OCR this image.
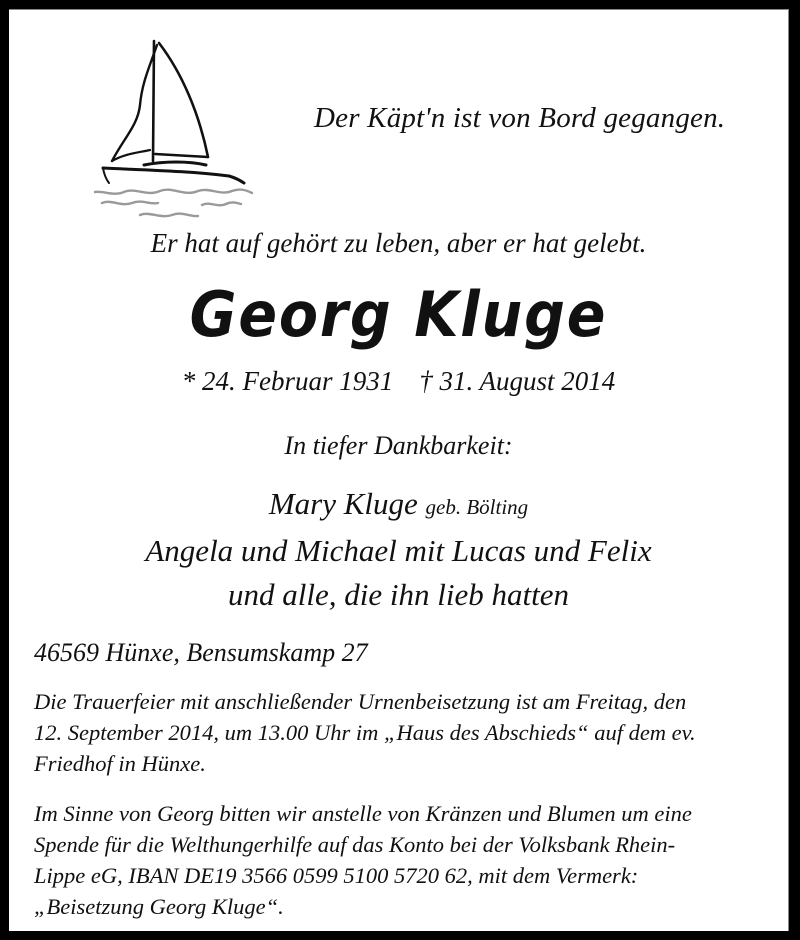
Der Käpt'n ist von Bord gegangen.
Er hat auf gehört zu leben, aber er hat gelebt.
Georg Kluge
* 24. Februar 1931 † 31. August 2014
In tiefer Dankbarkeit:
Mary Kluge geb. Bölting
Angela und Michael mit Lucas und Felix
und alle, die ihn lieb hatten
46569 Hünxe, Bensumskamp 27
Die Trauerfeier mit anschließender Urnenbeisetzung ist am Freitag, den
12. September 2014, um 13.00 Uhr im „Haus des Abschieds“ auf dem ev.
Friedhof in Hünxe.
Im Sinne von Georg bitten wir anstelle von Kränzen und Blumen um eine
Spende für die Welthungerhilfe auf das Konto bei der Volksbank Rhein-
Lippe eG, IBAN DE19 3566 0599 5100 5720 62, mit dem Vermerk:
„Beisetzung Georg Kluge“.
